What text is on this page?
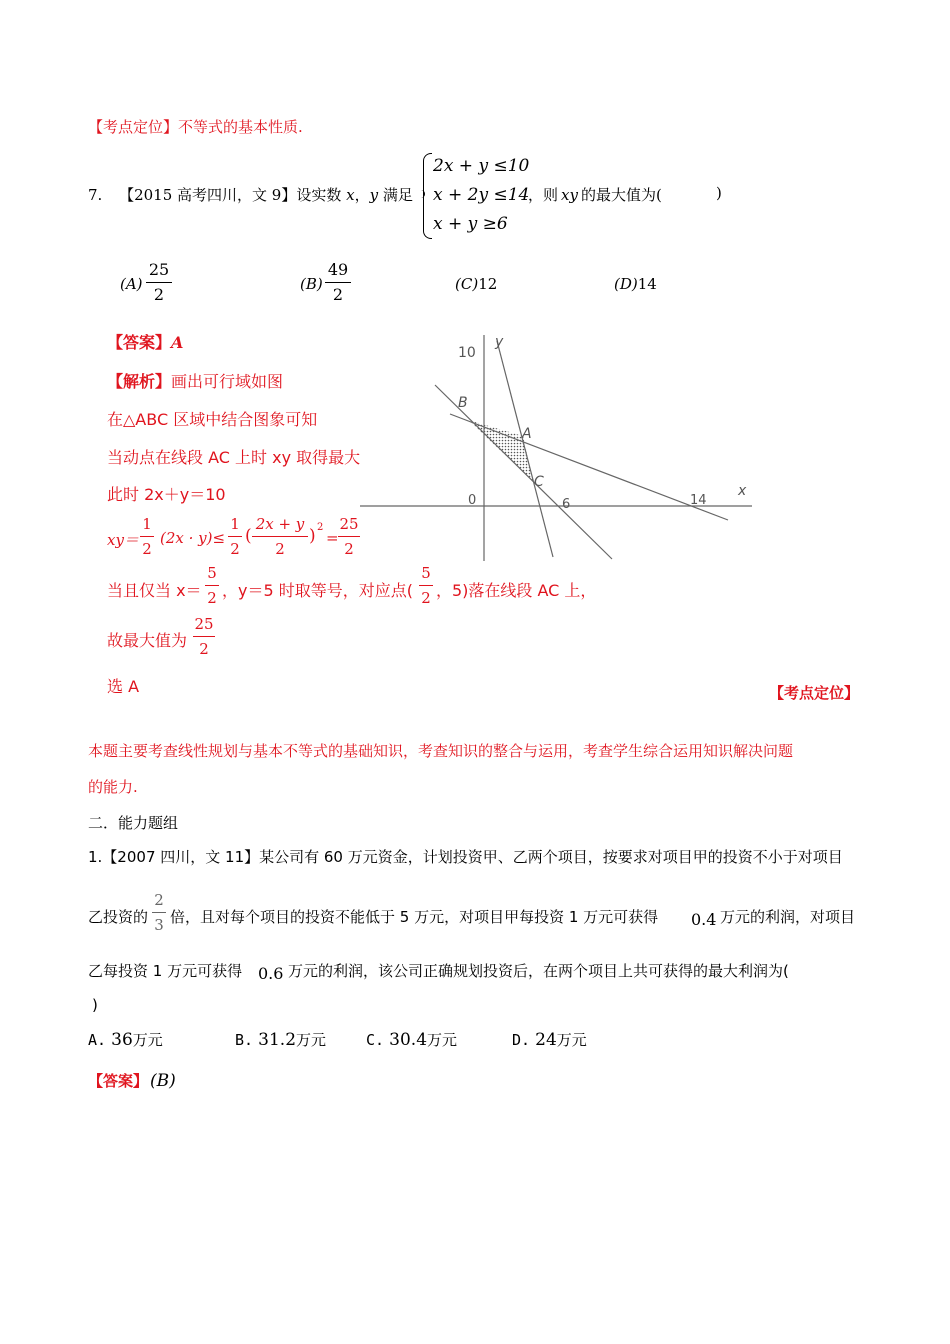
【考点定位】不等式的基本性质.
7. 【2015 高考四川，文 9】设实数 x，y 满足
2x + y ≤10
x + 2y ≤14
x + y ≥6
，则 xy 的最大值为(	)
(A)
25
2
(B)
49
2
(C)12	(D)14
【答案】A
【解析】画出可行域如图
在△ABC 区域中结合图象可知
当动点在线段 AC 上时 xy 取得最大
此时 2x＋y＝10
xy＝
1
2
(2x · y)≤
1
2
(
2x + y
2
) 2
=
25
2
当且仅当 x＝
5
2 ，y＝5 时取等号，对应点(
5
2 ，5)落在线段 AC 上，
故最大值为
25
2
选 A
10
y
x
0	6	14
B
A
C
【考点定位】
本题主要考查线性规划与基本不等式的基础知识，考查知识的整合与运用，考查学生综合运用知识解决问题
的能力.
二．能力题组
1.【2007 四川，文 11】某公司有 60 万元资金，计划投资甲、乙两个项目，按要求对项目甲的投资不小于对项目
乙投资的
2
3 倍，且对每个项目的投资不能低于 5 万元，对项目甲每投资 1 万元可获得 0.4 万元的利润，对项目
乙每投资 1 万元可获得 0.6 万元的利润，该公司正确规划投资后，在两个项目上共可获得的最大利润为(
)
A. 36万元	B. 31.2万元	C. 30.4万元	D. 24万元
【答案】 (B)
